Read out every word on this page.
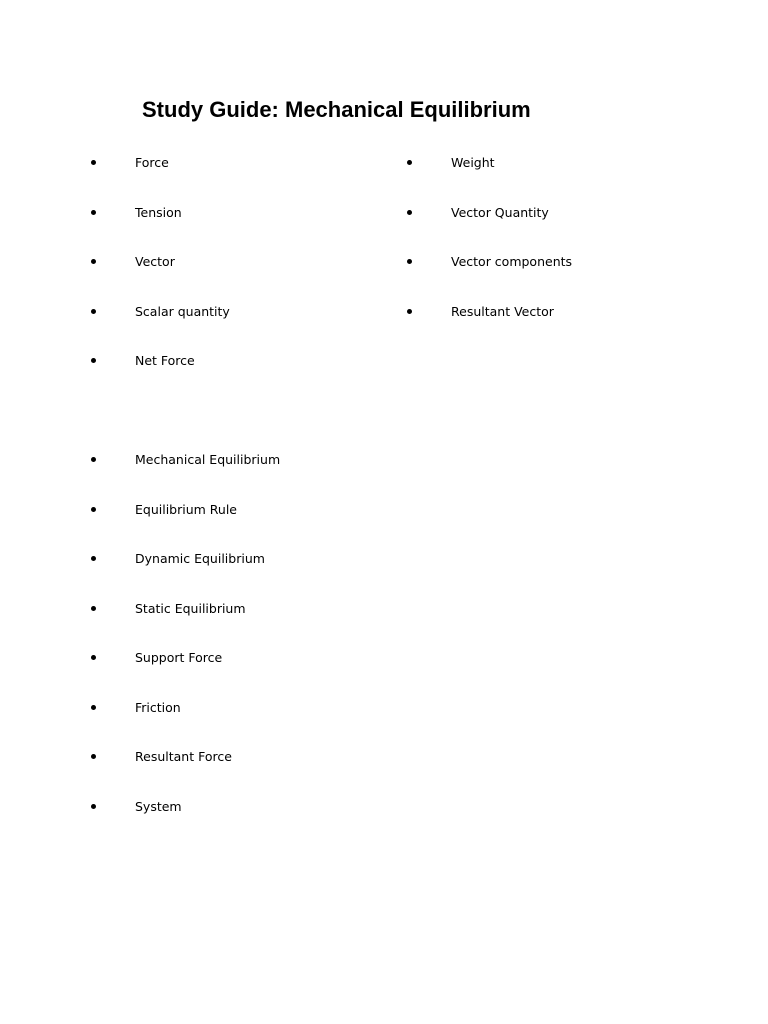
Study Guide: Mechanical Equilibrium
Force
Tension
Vector
Scalar quantity
Net Force
Weight
Vector Quantity
Vector components
Resultant Vector
Mechanical Equilibrium
Equilibrium Rule
Dynamic Equilibrium
Static Equilibrium
Support Force
Friction
Resultant Force
System
